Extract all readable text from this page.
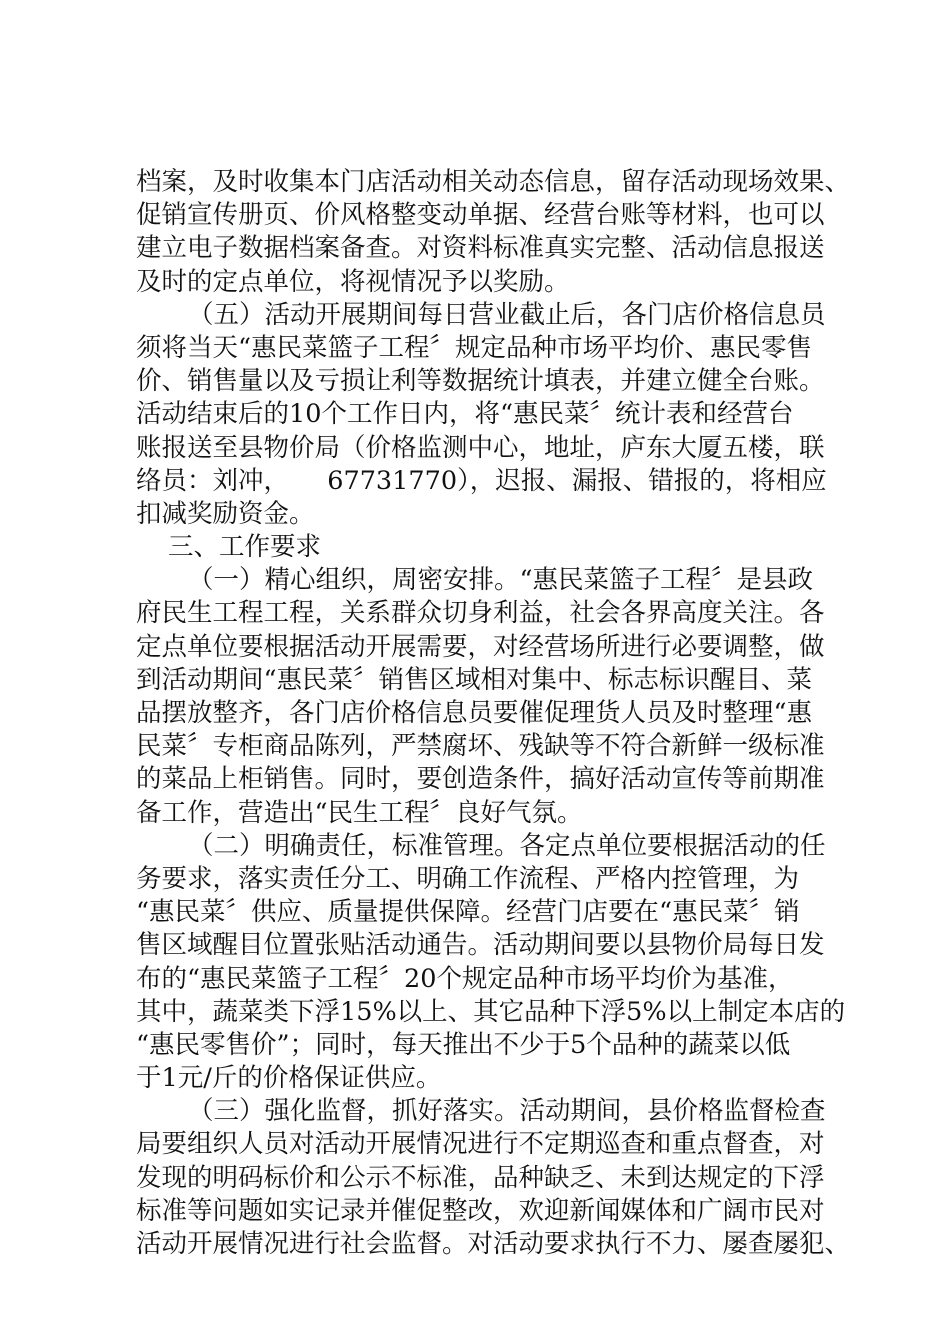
档案，及时收集本门店活动相关动态信息，留存活动现场效果、
促销宣传册页、价风格整变动单据、经营台账等材料，也可以
建立电子数据档案备查。对资料标准真实完整、活动信息报送
及时的定点单位，将视情况予以奖励。
（五）活动开展期间每日营业截止后，各门店价格信息员
须将当天“惠民菜篮子工程〞规定品种市场平均价、惠民零售
价、销售量以及亏损让利等数据统计填表，并建立健全台账。
活动结束后的10个工作日内，将“惠民菜〞统计表和经营台
账报送至县物价局（价格监测中心，地址，庐东大厦五楼，联
络员：刘冲，　　67731770），迟报、漏报、错报的，将相应
扣减奖励资金。
三、工作要求
（一）精心组织，周密安排。“惠民菜篮子工程〞是县政
府民生工程工程，关系群众切身利益，社会各界高度关注。各
定点单位要根据活动开展需要，对经营场所进行必要调整，做
到活动期间“惠民菜〞销售区域相对集中、标志标识醒目、菜
品摆放整齐，各门店价格信息员要催促理货人员及时整理“惠
民菜〞专柜商品陈列，严禁腐坏、残缺等不符合新鲜一级标准
的菜品上柜销售。同时，要创造条件，搞好活动宣传等前期准
备工作，营造出“民生工程〞良好气氛。
（二）明确责任，标准管理。各定点单位要根据活动的任
务要求，落实责任分工、明确工作流程、严格内控管理，为
“惠民菜〞供应、质量提供保障。经营门店要在“惠民菜〞销
售区域醒目位置张贴活动通告。活动期间要以县物价局每日发
布的“惠民菜篮子工程〞20个规定品种市场平均价为基准，
其中，蔬菜类下浮15%以上、其它品种下浮5%以上制定本店的
“惠民零售价”；同时，每天推出不少于5个品种的蔬菜以低
于1元/斤的价格保证供应。
（三）强化监督，抓好落实。活动期间，县价格监督检查
局要组织人员对活动开展情况进行不定期巡查和重点督查，对
发现的明码标价和公示不标准，品种缺乏、未到达规定的下浮
标准等问题如实记录并催促整改，欢迎新闻媒体和广阔市民对
活动开展情况进行社会监督。对活动要求执行不力、屡查屡犯、
